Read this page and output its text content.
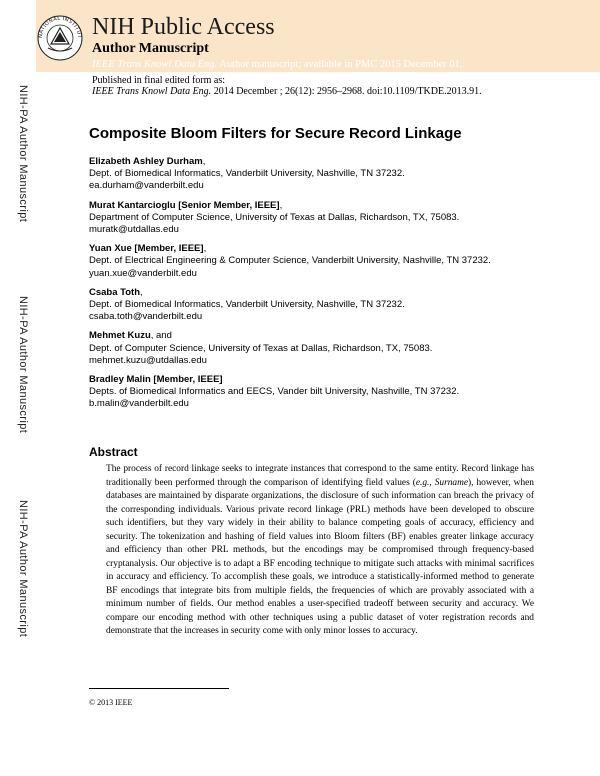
NATIONAL INSTITUT NIH Public Access
Author Manuscript
IEEE Trans Knowl Data Eng. Author manuscript; available in PMC 2015 December 01.
Published in final edited form as:
IEEE Trans Knowl Data Eng. 2014 December ; 26(12): 2956–2968. doi:10.1109/TKDE.2013.91.
NIH-PA Author Manuscript
NIH-PA Author Manuscript
NIH-PA Author Manuscript
Composite Bloom Filters for Secure Record Linkage
Elizabeth Ashley Durham,
Dept. of Biomedical Informatics, Vanderbilt University, Nashville, TN 37232.
ea.durham@vanderbilt.edu
Murat Kantarcioglu [Senior Member, IEEE],
Department of Computer Science, University of Texas at Dallas, Richardson, TX, 75083.
muratk@utdallas.edu
Yuan Xue [Member, IEEE],
Dept. of Electrical Engineering & Computer Science, Vanderbilt University, Nashville, TN 37232.
yuan.xue@vanderbilt.edu
Csaba Toth,
Dept. of Biomedical Informatics, Vanderbilt University, Nashville, TN 37232.
csaba.toth@vanderbilt.edu
Mehmet Kuzu, and
Dept. of Computer Science, University of Texas at Dallas, Richardson, TX, 75083.
mehmet.kuzu@utdallas.edu
Bradley Malin [Member, IEEE]
Depts. of Biomedical Informatics and EECS, Vander bilt University, Nashville, TN 37232.
b.malin@vanderbilt.edu
Abstract
The process of record linkage seeks to integrate instances that correspond to the same entity. Record linkage has traditionally been performed through the comparison of identifying field values (e.g., Surname), however, when databases are maintained by disparate organizations, the disclosure of such information can breach the privacy of the corresponding individuals. Various private record linkage (PRL) methods have been developed to obscure such identifiers, but they vary widely in their ability to balance competing goals of accuracy, efficiency and security. The tokenization and hashing of field values into Bloom filters (BF) enables greater linkage accuracy and efficiency than other PRL methods, but the encodings may be compromised through frequency-based cryptanalysis. Our objective is to adapt a BF encoding technique to mitigate such attacks with minimal sacrifices in accuracy and efficiency. To accomplish these goals, we introduce a statistically-informed method to generate BF encodings that integrate bits from multiple fields, the frequencies of which are provably associated with a minimum number of fields. Our method enables a user-specified tradeoff between security and accuracy. We compare our encoding method with other techniques using a public dataset of voter registration records and demonstrate that the increases in security come with only minor losses to accuracy.
© 2013 IEEE
